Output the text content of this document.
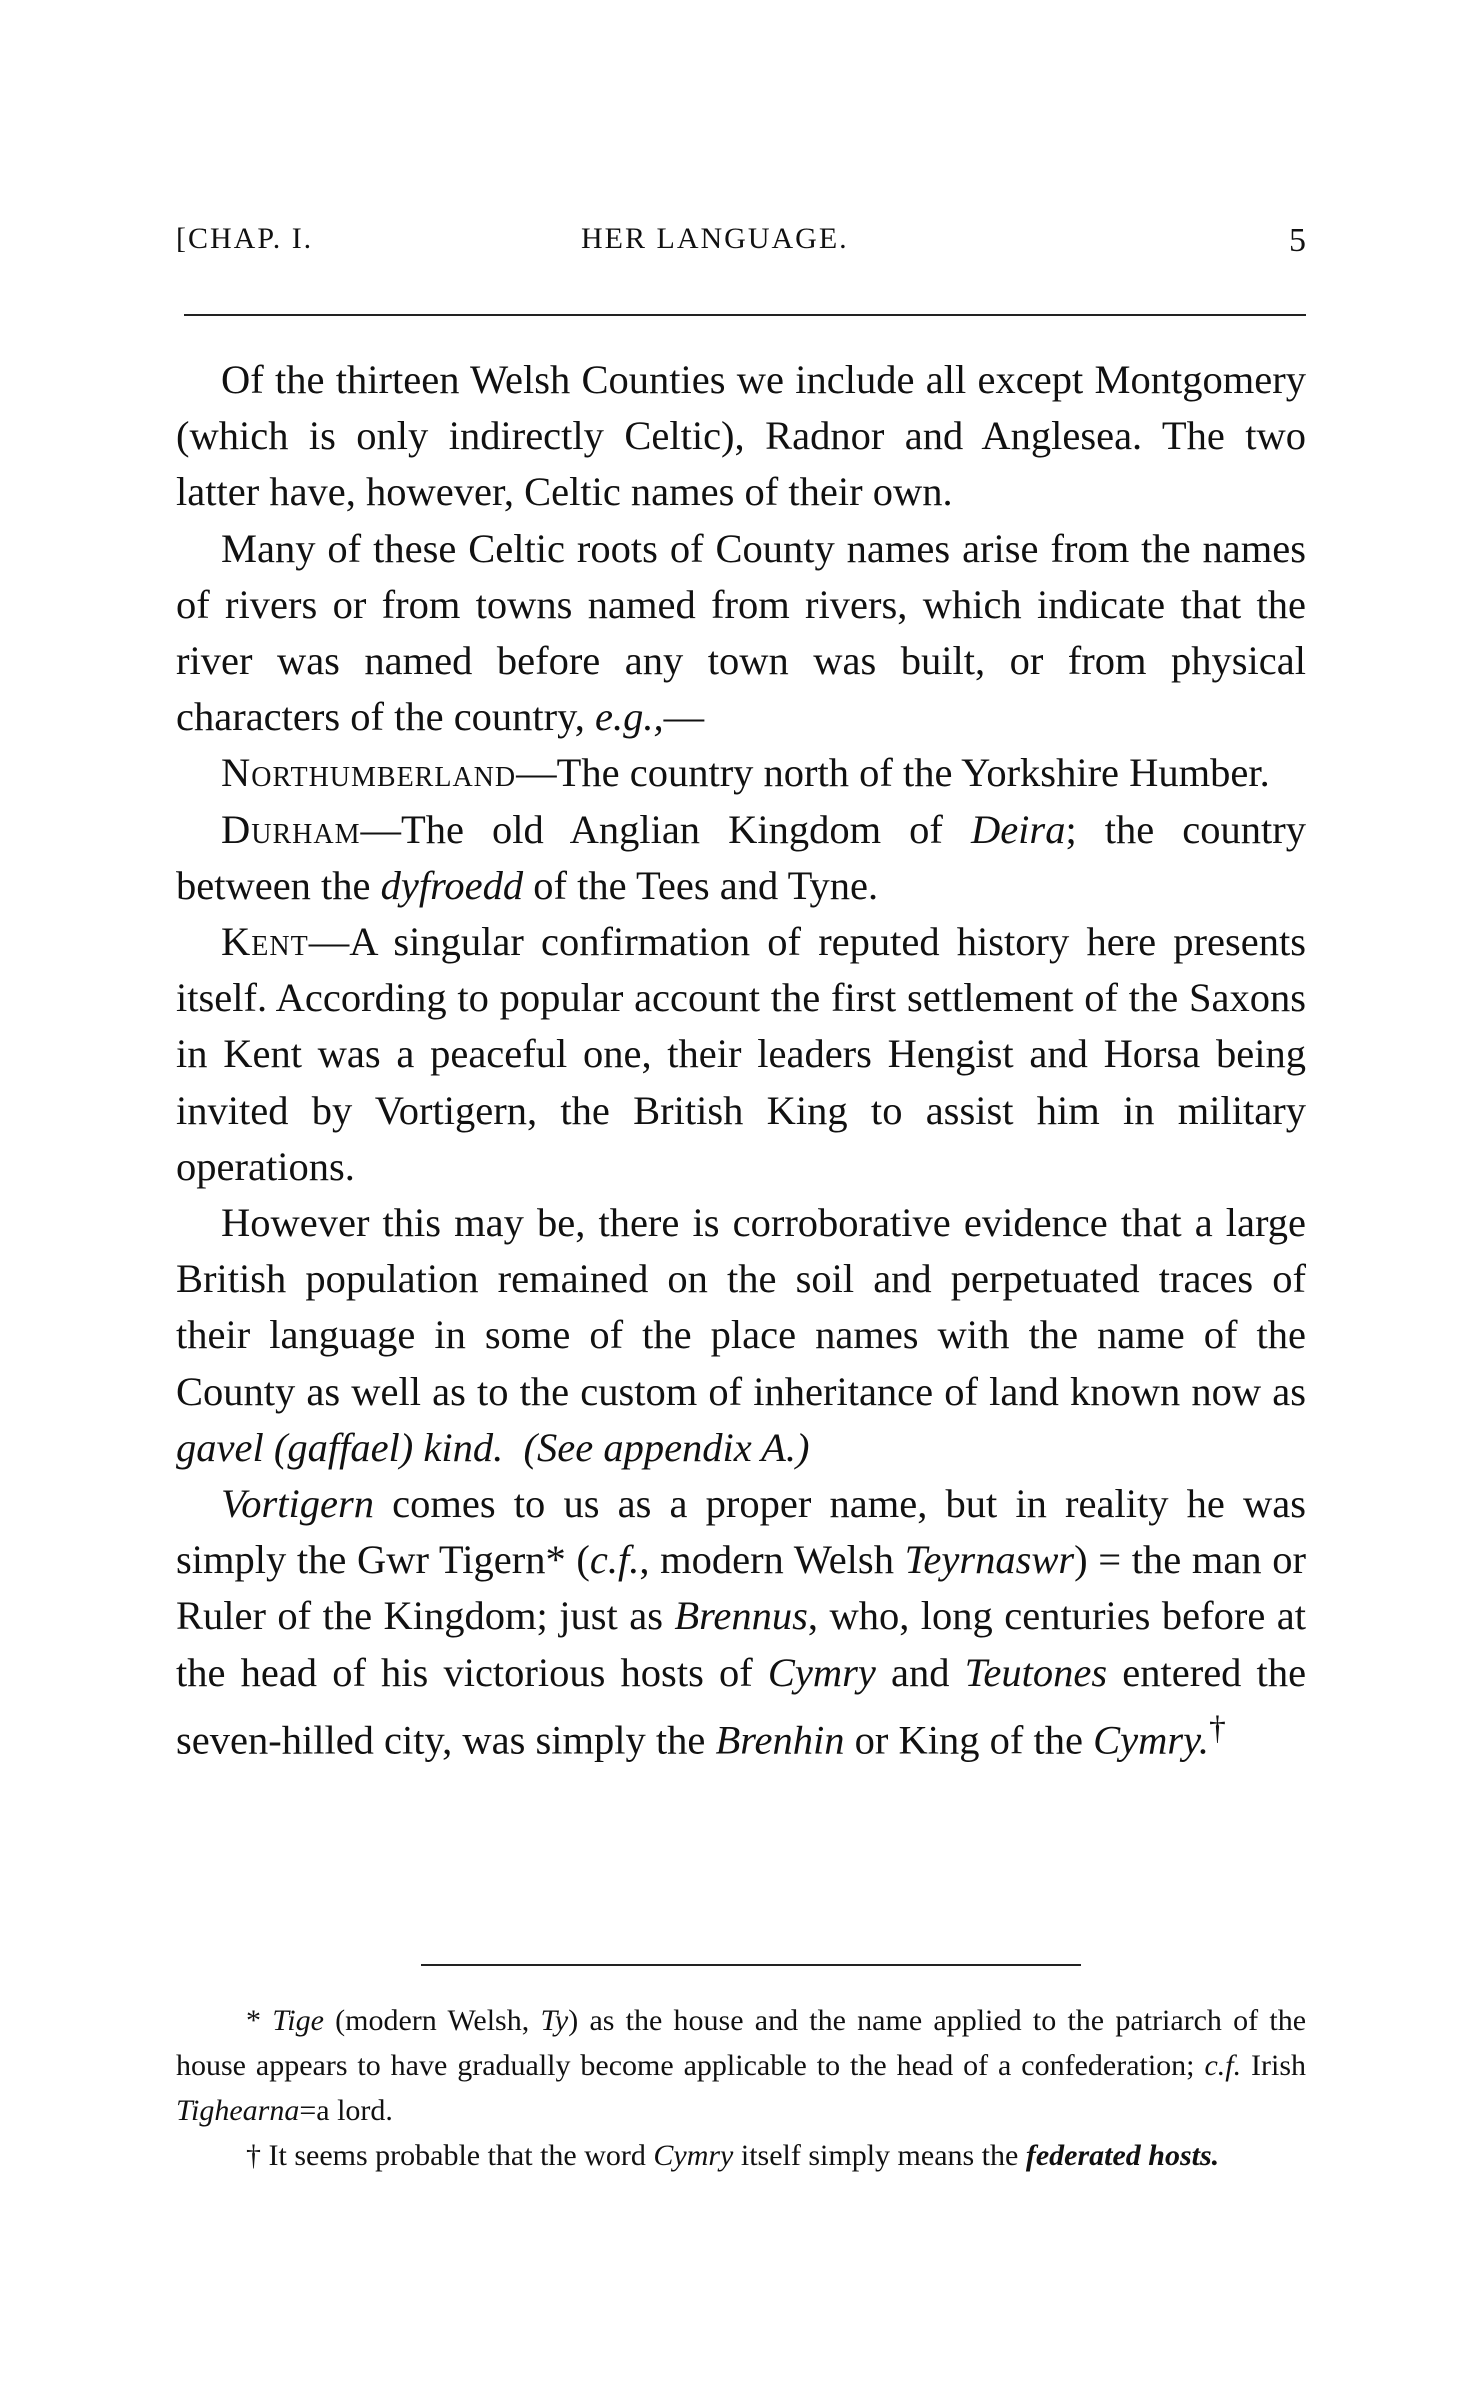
[CHAP. I.	HER LANGUAGE.	5

Of the thirteen Welsh Counties we include all except Montgomery (which is only indirectly Celtic), Radnor and Anglesea. The two latter have, however, Celtic names of their own.

Many of these Celtic roots of County names arise from the names of rivers or from towns named from rivers, which indicate that the river was named before any town was built, or from physical characters of the country, e.g.,—

Northumberland—The country north of the Yorkshire Humber.

Durham—The old Anglian Kingdom of Deira; the country between the dyfroedd of the Tees and Tyne.

Kent—A singular confirmation of reputed history here presents itself. According to popular account the first settlement of the Saxons in Kent was a peaceful one, their leaders Hengist and Horsa being invited by Vortigern, the British King to assist him in military operations.

However this may be, there is corroborative evidence that a large British population remained on the soil and perpetuated traces of their language in some of the place names with the name of the County as well as to the custom of inheritance of land known now as gavel (gaffael) kind. (See appendix A.)

Vortigern comes to us as a proper name, but in reality he was simply the Gwr Tigern* (c.f., modern Welsh Teyrnaswr) = the man or Ruler of the Kingdom; just as Brennus, who, long centuries before at the head of his victorious hosts of Cymry and Teutones entered the seven-hilled city, was simply the Brenhin or King of the Cymry.†

* Tige (modern Welsh, Ty) as the house and the name applied to the patriarch of the house appears to have gradually become applicable to the head of a confederation; c.f. Irish Tighearna=a lord.

† It seems probable that the word Cymry itself simply means the federated hosts.
